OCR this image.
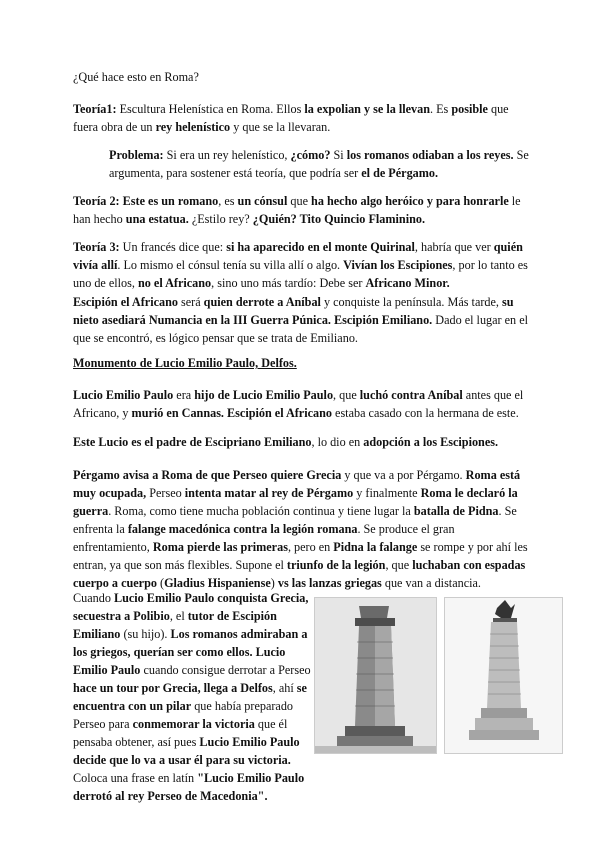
¿Qué hace esto en Roma?

Teoría1: Escultura Helenística en Roma. Ellos la expolian y se la llevan. Es posible que fuera obra de un rey helenístico y que se la llevaran.

Problema: Si era un rey helenístico, ¿cómo? Si los romanos odiaban a los reyes. Se argumenta, para sostener está teoría, que podría ser el de Pérgamo.

Teoría 2: Este es un romano, es un cónsul que ha hecho algo heróico y para honrarle le han hecho una estatua. ¿Estilo rey? ¿Quién? Tito Quincio Flaminino.

Teoría 3: Un francés dice que: si ha aparecido en el monte Quirinal, habría que ver quién vivía allí. Lo mismo el cónsul tenía su villa allí o algo. Vivían los Escipiones, por lo tanto es uno de ellos, no el Africano, sino uno más tardío: Debe ser Africano Minor.

Escipión el Africano será quien derrote a Aníbal y conquiste la península. Más tarde, su nieto asediará Numancia en la III Guerra Púnica. Escipión Emiliano. Dado el lugar en el que se encontró, es lógico pensar que se trata de Emiliano.

Monumento de Lucio Emilio Paulo, Delfos.

Lucio Emilio Paulo era hijo de Lucio Emilio Paulo, que luchó contra Aníbal antes que el Africano, y murió en Cannas. Escipión el Africano estaba casado con la hermana de este.

Este Lucio es el padre de Escipriano Emiliano, lo dio en adopción a los Escipiones.

Pérgamo avisa a Roma de que Perseo quiere Grecia y que va a por Pérgamo. Roma está muy ocupada, Perseo intenta matar al rey de Pérgamo y finalmente Roma le declaró la guerra. Roma, como tiene mucha población continua y tiene lugar la batalla de Pidna. Se enfrenta la falange macedónica contra la legión romana. Se produce el gran enfrentamiento, Roma pierde las primeras, pero en Pidna la falange se rompe y por ahí les entran, ya que son más flexibles. Supone el triunfo de la legión, que luchaban con espadas cuerpo a cuerpo (Gladius Hispaniense) vs las lanzas griegas que van a distancia.

Cuando Lucio Emilio Paulo conquista Grecia, secuestra a Polibio, el tutor de Escipión Emiliano (su hijo). Los romanos admiraban a los griegos, querían ser como ellos. Lucio Emilio Paulo cuando consigue derrotar a Perseo hace un tour por Grecia, llega a Delfos, ahí se encuentra con un pilar que había preparado Perseo para conmemorar la victoria que él pensaba obtener, así pues Lucio Emilio Paulo decide que lo va a usar él para su victoria. Coloca una frase en latín "Lucio Emilio Paulo derrotó al rey Perseo de Macedonia".
